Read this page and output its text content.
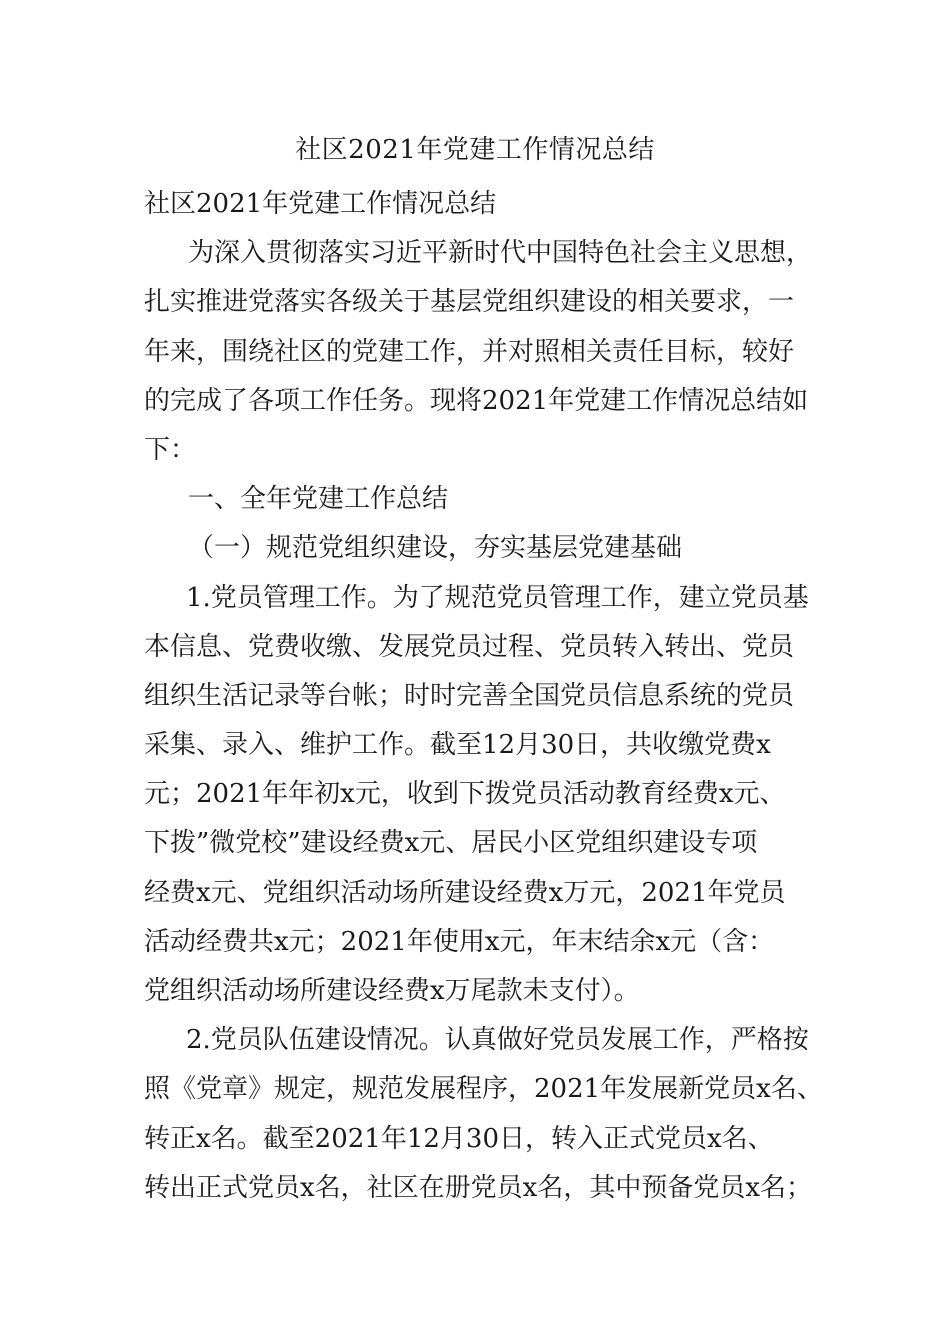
社区2021年党建工作情况总结
社区2021年党建工作情况总结
为深入贯彻落实习近平新时代中国特色社会主义思想，
扎实推进党落实各级关于基层党组织建设的相关要求，一
年来，围绕社区的党建工作，并对照相关责任目标，较好
的完成了各项工作任务。现将2021年党建工作情况总结如
下：
一、全年党建工作总结
（一）规范党组织建设，夯实基层党建基础
1.党员管理工作。为了规范党员管理工作，建立党员基
本信息、党费收缴、发展党员过程、党员转入转出、党员
组织生活记录等台帐；时时完善全国党员信息系统的党员
采集、录入、维护工作。截至12月30日，共收缴党费x
元；2021年年初x元，收到下拨党员活动教育经费x元、
下拨”微党校”建设经费x元、居民小区党组织建设专项
经费x元、党组织活动场所建设经费x万元，2021年党员
活动经费共x元；2021年使用x元，年末结余x元（含：
党组织活动场所建设经费x万尾款未支付）。
2.党员队伍建设情况。认真做好党员发展工作，严格按
照《党章》规定，规范发展程序，2021年发展新党员x名、
转正x名。截至2021年12月30日，转入正式党员x名、
转出正式党员x名，社区在册党员x名，其中预备党员x名；
